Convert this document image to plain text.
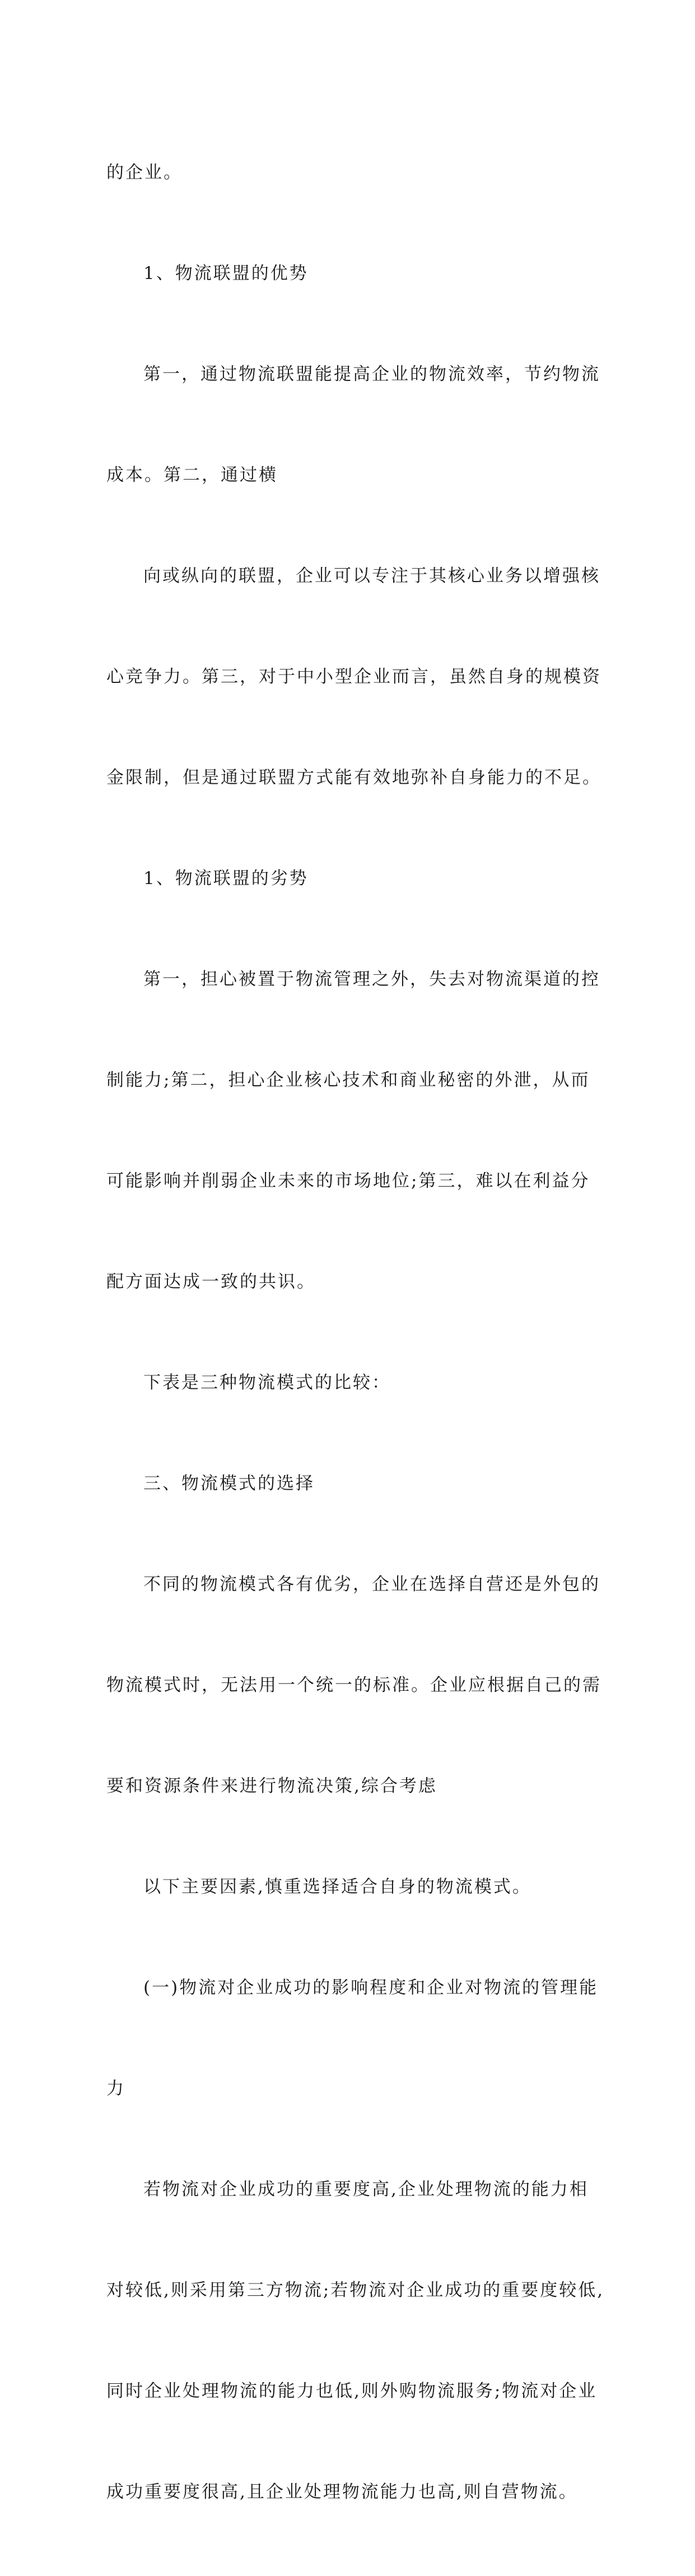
的企业。

1、物流联盟的优势

第一，通过物流联盟能提高企业的物流效率，节约物流

成本。第二，通过横

向或纵向的联盟，企业可以专注于其核心业务以增强核

心竞争力。第三，对于中小型企业而言，虽然自身的规模资

金限制，但是通过联盟方式能有效地弥补自身能力的不足。

1、物流联盟的劣势

第一，担心被置于物流管理之外，失去对物流渠道的控

制能力;第二，担心企业核心技术和商业秘密的外泄，从而

可能影响并削弱企业未来的市场地位;第三，难以在利益分

配方面达成一致的共识。

下表是三种物流模式的比较：

三、物流模式的选择

不同的物流模式各有优劣，企业在选择自营还是外包的

物流模式时，无法用一个统一的标准。企业应根据自己的需

要和资源条件来进行物流决策,综合考虑

以下主要因素,慎重选择适合自身的物流模式。

(一)物流对企业成功的影响程度和企业对物流的管理能

力

若物流对企业成功的重要度高,企业处理物流的能力相

对较低,则采用第三方物流;若物流对企业成功的重要度较低,

同时企业处理物流的能力也低,则外购物流服务;物流对企业

成功重要度很高,且企业处理物流能力也高,则自营物流。
